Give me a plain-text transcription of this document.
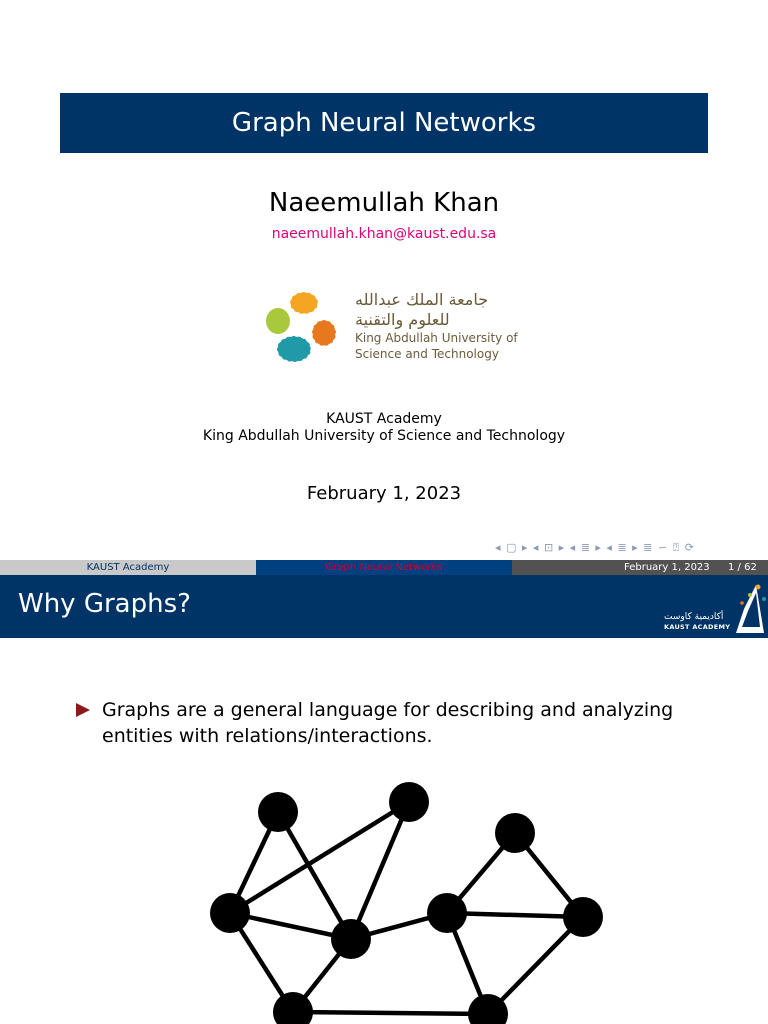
Graph Neural Networks
Naeemullah Khan
naeemullah.khan@kaust.edu.sa
جامعة الملك عبدالله
للعلوم والتقنية
King Abdullah University of
Science and Technology
KAUST Academy
King Abdullah University of Science and Technology
February 1, 2023
◂ ▢ ▸ ◂ ⊡ ▸ ◂ ≣ ▸ ◂ ≣ ▸ ≣ ∽ ⍰ ⟳
KAUST Academy	Graph Neural Networks	February 1, 2023 1 / 62
Why Graphs?	أكاديمية كاوست
KAUST ACADEMY
Graphs are a general language for describing and analyzing entities with relations/interactions.
